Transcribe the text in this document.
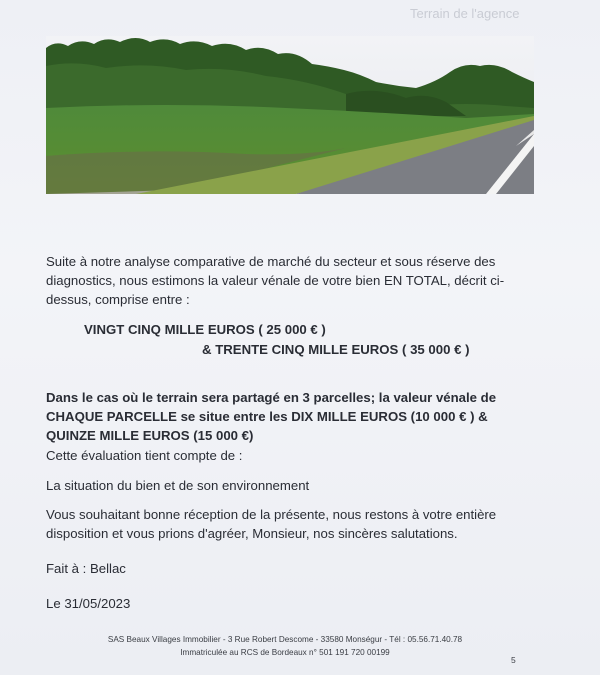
Terrain de l'agence
Suite à notre analyse comparative de marché du secteur et sous réserve des diagnostics, nous estimons la valeur vénale de votre bien EN TOTAL, décrit ci-dessus, comprise entre :
VINGT CINQ MILLE EUROS ( 25 000 € )
& TRENTE CINQ MILLE EUROS ( 35 000 € )
Dans le cas où le terrain sera partagé en 3 parcelles; la valeur vénale de CHAQUE PARCELLE se situe entre les DIX MILLE EUROS (10 000 € ) & QUINZE MILLE EUROS (15 000 €)
Cette évaluation tient compte de :
La situation du bien et de son environnement
Vous souhaitant bonne réception de la présente, nous restons à votre entière disposition et vous prions d'agréer, Monsieur, nos sincères salutations.
Fait à : Bellac
Le 31/05/2023
SAS Beaux Villages Immobilier - 3 Rue Robert Descome - 33580 Monségur - Tél : 05.56.71.40.78
Immatriculée au RCS de Bordeaux n° 501 191 720 00199
5
